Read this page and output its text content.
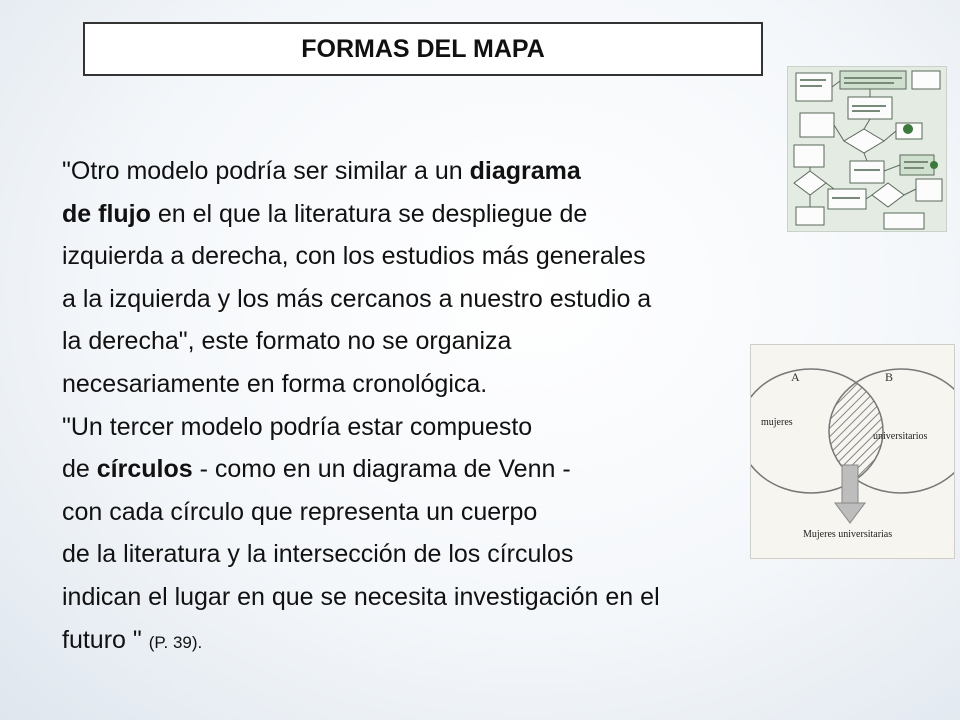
FORMAS DEL MAPA
"Otro modelo podría ser similar a un diagrama
de flujo en el que la literatura se despliegue de
izquierda a derecha, con los estudios más generales
a la izquierda y los más cercanos a nuestro estudio a
la derecha", este formato no se organiza
necesariamente en forma cronológica.
"Un tercer modelo podría estar compuesto
de círculos - como en un diagrama de Venn -
con cada círculo que representa un cuerpo
de la literatura y la intersección de los círculos
indican el lugar en que se necesita investigación en el
futuro " (P. 39).
A	B
mujeres
universitarios
Mujeres universitarias
